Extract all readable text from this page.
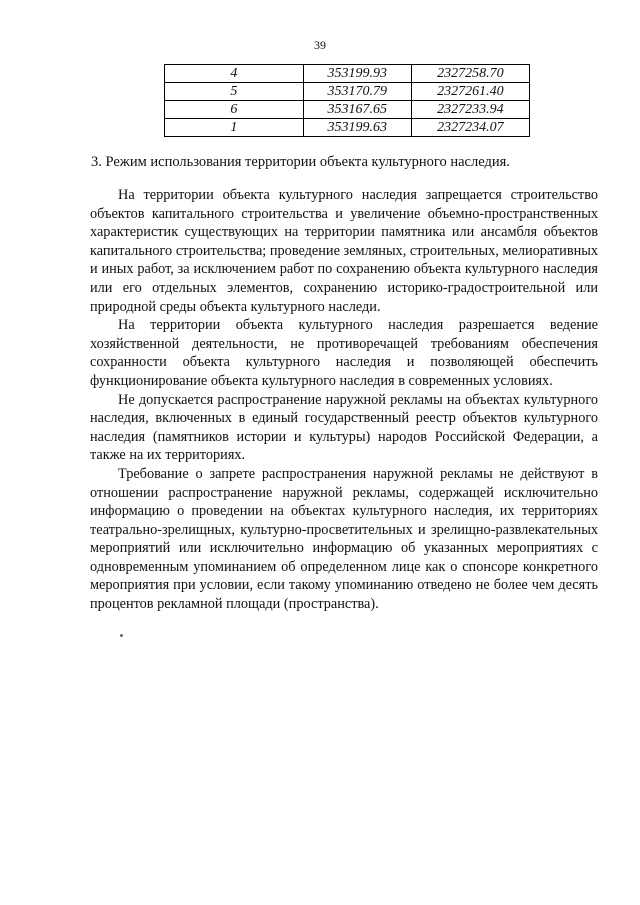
39
4	353199.93	2327258.70
5	353170.79	2327261.40
6	353167.65	2327233.94
1	353199.63	2327234.07
3. Режим использования территории объекта культурного наследия.

На территории объекта культурного наследия запрещается строительство объектов капитального строительства и увеличение объемно-пространственных характеристик существующих на территории памятника или ансамбля объектов капитального строительства; проведение земляных, строительных, мелиоративных и иных работ, за исключением работ по сохранению объекта культурного наследия или его отдельных элементов, сохранению историко-градостроительной или природной среды объекта культурного наследи.

На территории объекта культурного наследия разрешается ведение хозяйственной деятельности, не противоречащей требованиям обеспечения сохранности объекта культурного наследия и позволяющей обеспечить функционирование объекта культурного наследия в современных условиях.

Не допускается распространение наружной рекламы на объектах культурного наследия, включенных в единый государственный реестр объектов культурного наследия (памятников истории и культуры) народов Российской Федерации, а также на их территориях.

Требование о запрете распространения наружной рекламы не действуют в отношении распространение наружной рекламы, содержащей исключительно информацию о проведении на объектах культурного наследия, их территориях театрально-зрелищных, культурно-просветительных и зрелищно-развлекательных мероприятий или исключительно информацию об указанных мероприятиях с одновременным упоминанием об определенном лице как о спонсоре конкретного мероприятия при условии, если такому упоминанию отведено не более чем десять процентов рекламной площади (пространства).
